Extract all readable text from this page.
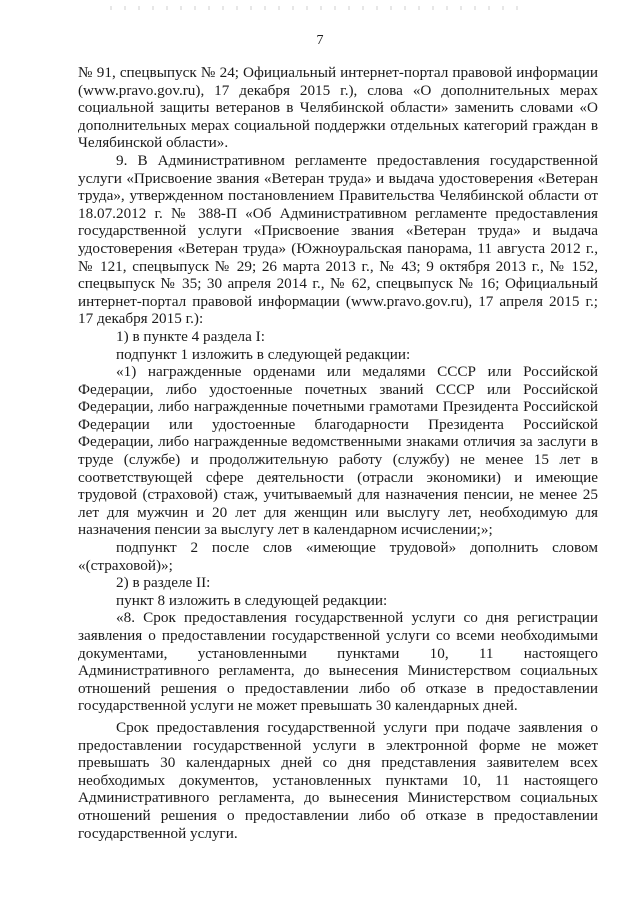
7

№ 91, спецвыпуск № 24; Официальный интернет-портал правовой информации (www.pravo.gov.ru), 17 декабря 2015 г.), слова «О дополнительных мерах социальной защиты ветеранов в Челябинской области» заменить словами «О дополнительных мерах социальной поддержки отдельных категорий граждан в Челябинской области».

9. В Административном регламенте предоставления государственной услуги «Присвоение звания «Ветеран труда» и выдача удостоверения «Ветеран труда», утвержденном постановлением Правительства Челябинской области от 18.07.2012 г. № 388-П «Об Административном регламенте предоставления государственной услуги «Присвоение звания «Ветеран труда» и выдача удостоверения «Ветеран труда» (Южноуральская панорама, 11 августа 2012 г., № 121, спецвыпуск № 29; 26 марта 2013 г., № 43; 9 октября 2013 г., № 152, спецвыпуск № 35; 30 апреля 2014 г., № 62, спецвыпуск № 16; Официальный интернет-портал правовой информации (www.pravo.gov.ru), 17 апреля 2015 г.; 17 декабря 2015 г.):

1) в пункте 4 раздела I:

подпункт 1 изложить в следующей редакции:

«1) награжденные орденами или медалями СССР или Российской Федерации, либо удостоенные почетных званий СССР или Российской Федерации, либо награжденные почетными грамотами Президента Российской Федерации или удостоенные благодарности Президента Российской Федерации, либо награжденные ведомственными знаками отличия за заслуги в труде (службе) и продолжительную работу (службу) не менее 15 лет в соответствующей сфере деятельности (отрасли экономики) и имеющие трудовой (страховой) стаж, учитываемый для назначения пенсии, не менее 25 лет для мужчин и 20 лет для женщин или выслугу лет, необходимую для назначения пенсии за выслугу лет в календарном исчислении;»;

подпункт 2 после слов «имеющие трудовой» дополнить словом «(страховой)»;

2) в разделе II:

пункт 8 изложить в следующей редакции:

«8. Срок предоставления государственной услуги со дня регистрации заявления о предоставлении государственной услуги со всеми необходимыми документами, установленными пунктами 10, 11 настоящего Административного регламента, до вынесения Министерством социальных отношений решения о предоставлении либо об отказе в предоставлении государственной услуги не может превышать 30 календарных дней.

Срок предоставления государственной услуги при подаче заявления о предоставлении государственной услуги в электронной форме не может превышать 30 календарных дней со дня представления заявителем всех необходимых документов, установленных пунктами 10, 11 настоящего Административного регламента, до вынесения Министерством социальных отношений решения о предоставлении либо об отказе в предоставлении государственной услуги.
